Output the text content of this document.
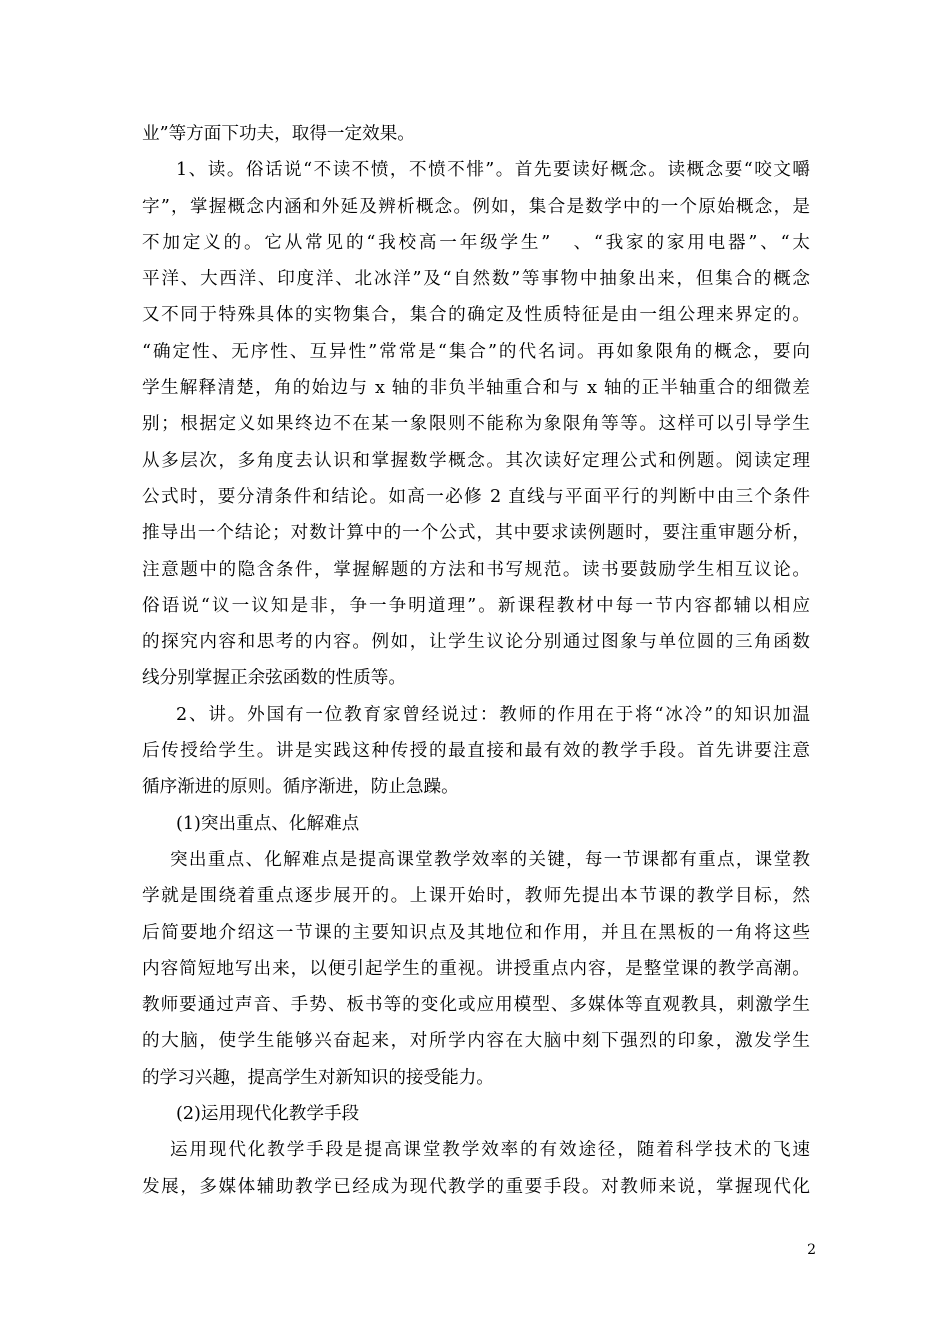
业”等方面下功夫，取得一定效果。
1、读。俗话说“不读不愤，不愤不悱”。首先要读好概念。读概念要“咬文嚼
字”，掌握概念内涵和外延及辨析概念。例如，集合是数学中的一个原始概念，是
不加定义的。它从常见的“我校高一年级学生”　、“我家的家用电器”、“太
平洋、大西洋、印度洋、北冰洋”及“自然数”等事物中抽象出来，但集合的概念
又不同于特殊具体的实物集合，集合的确定及性质特征是由一组公理来界定的。
“确定性、无序性、互异性”常常是“集合”的代名词。再如象限角的概念，要向
学生解释清楚，角的始边与 x 轴的非负半轴重合和与 x 轴的正半轴重合的细微差
别；根据定义如果终边不在某一象限则不能称为象限角等等。这样可以引导学生
从多层次，多角度去认识和掌握数学概念。其次读好定理公式和例题。阅读定理
公式时，要分清条件和结论。如高一必修 2 直线与平面平行的判断中由三个条件
推导出一个结论；对数计算中的一个公式，其中要求读例题时，要注重审题分析，
注意题中的隐含条件，掌握解题的方法和书写规范。读书要鼓励学生相互议论。
俗语说“议一议知是非，争一争明道理”。新课程教材中每一节内容都辅以相应
的探究内容和思考的内容。例如，让学生议论分别通过图象与单位圆的三角函数
线分别掌握正余弦函数的性质等。
2、讲。外国有一位教育家曾经说过：教师的作用在于将“冰冷”的知识加温
后传授给学生。讲是实践这种传授的最直接和最有效的教学手段。首先讲要注意
循序渐进的原则。循序渐进，防止急躁。
(1)突出重点、化解难点
突出重点、化解难点是提高课堂教学效率的关键，每一节课都有重点，课堂教
学就是围绕着重点逐步展开的。上课开始时，教师先提出本节课的教学目标，然
后简要地介绍这一节课的主要知识点及其地位和作用，并且在黑板的一角将这些
内容简短地写出来，以便引起学生的重视。讲授重点内容，是整堂课的教学高潮。
教师要通过声音、手势、板书等的变化或应用模型、多媒体等直观教具，刺激学生
的大脑，使学生能够兴奋起来，对所学内容在大脑中刻下强烈的印象，激发学生
的学习兴趣，提高学生对新知识的接受能力。
(2)运用现代化教学手段
运用现代化教学手段是提高课堂教学效率的有效途径，随着科学技术的飞速
发展，多媒体辅助教学已经成为现代教学的重要手段。对教师来说，掌握现代化
2
